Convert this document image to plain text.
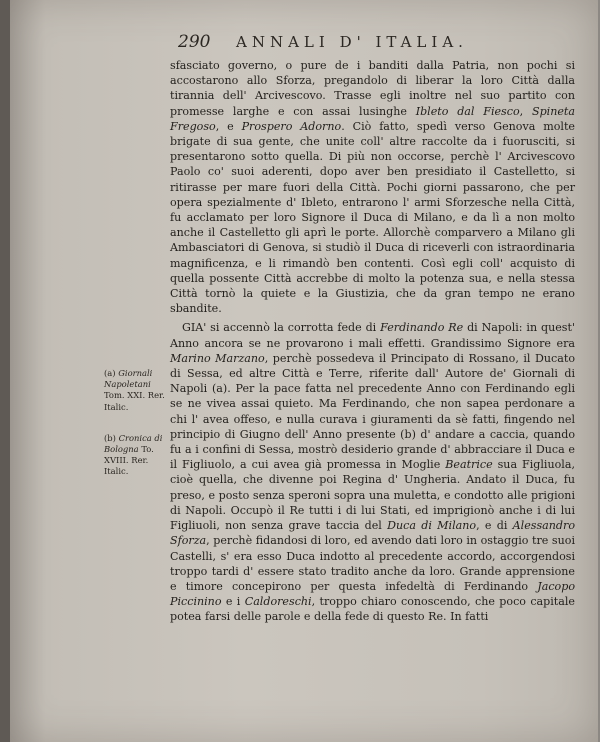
290 ANNALI D' ITALIA.

sfasciato governo, o pure de i banditi dalla Patria, non pochi si accostarono allo Sforza, pregandolo di liberar la loro Città dalla tirannia dell' Arcivescovo. Trasse egli inoltre nel suo partito con promesse larghe e con assai lusinghe Ibleto dal Fiesco, Spineta Fregoso, e Prospero Adorno. Ciò fatto, spedì verso Genova molte brigate di sua gente, che unite coll' altre raccolte da i fuorusciti, si presentarono sotto quella. Di più non occorse, perchè l' Arcivescovo Paolo co' suoi aderenti, dopo aver ben presidiato il Castelletto, si ritirasse per mare fuori della Città. Pochi giorni passarono, che per opera spezialmente d' Ibleto, entrarono l' armi Sforzesche nella Città, fu acclamato per loro Signore il Duca di Milano, e da lì a non molto anche il Castelletto gli aprì le porte. Allorchè comparvero a Milano gli Ambasciatori di Genova, si studiò il Duca di riceverli con istraordinaria magnificenza, e li rimandò ben contenti. Così egli coll' acquisto di quella possente Città accrebbe di molto la potenza sua, e nella stessa Città tornò la quiete e la Giustizia, che da gran tempo ne erano sbandite.

GIA' si accennò la corrotta fede di Ferdinando Re di Napoli: in quest' Anno ancora se ne provarono i mali effetti. Grandissimo Signore era Marino Marzano, perchè possedeva il Principato di Rossano, il Ducato di Sessa, ed altre Città e Terre, riferite dall' Autore de' Giornali di Napoli (a). Per la pace fatta nel precedente Anno con Ferdinando egli se ne vivea assai quieto. Ma Ferdinando, che non sapea perdonare a chi l' avea offeso, e nulla curava i giuramenti da sè fatti, fingendo nel principio di Giugno dell' Anno presente (b) d' andare a caccia, quando fu a i confini di Sessa, mostrò desiderio grande d' abbracciare il Duca e il Figliuolo, a cui avea già promessa in Moglie Beatrice sua Figliuola, cioè quella, che divenne poi Regina d' Ungheria. Andato il Duca, fu preso, e posto senza speroni sopra una muletta, e condotto alle prigioni di Napoli. Occupò il Re tutti i di lui Stati, ed imprigionò anche i di lui Figliuoli, non senza grave taccia del Duca di Milano, e di Alessandro Sforza, perchè fidandosi di loro, ed avendo dati loro in ostaggio tre suoi Castelli, s' era esso Duca indotto al precedente accordo, accorgendosi troppo tardi d' essere stato tradito anche da loro. Grande apprensione e timore concepirono per questa infedeltà di Ferdinando Jacopo Piccinino e i Caldoreschi, troppo chiaro conoscendo, che poco capitale potea farsi delle parole e della fede di questo Re. In fatti

(a) Giornali Napoletani Tom. XXI. Rer. Italic.
(b) Cronica di Bologna To. XVIII. Rer. Italic.
